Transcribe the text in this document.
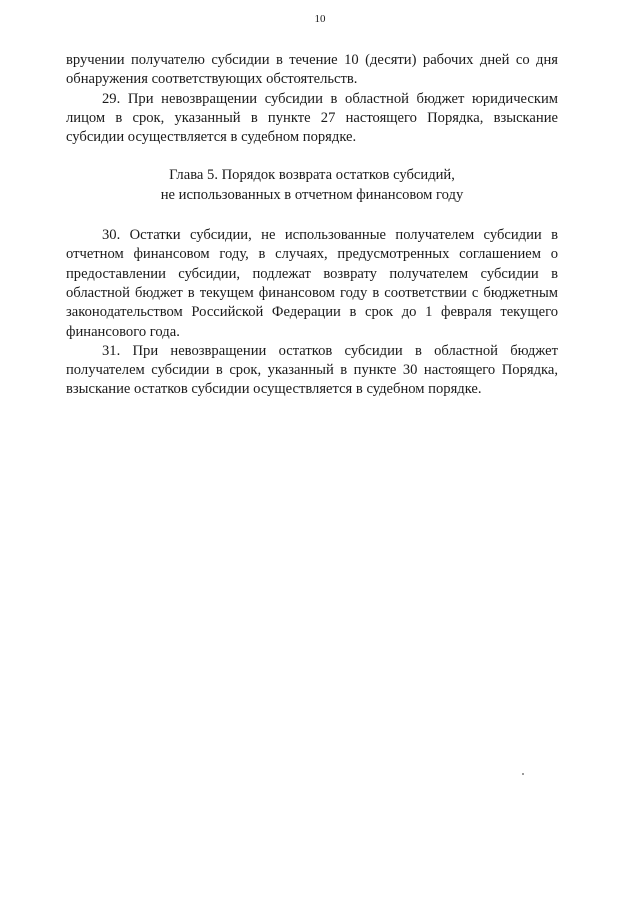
10

вручении получателю субсидии в течение 10 (десяти) рабочих дней со дня обнаружения соответствующих обстоятельств.

29. При невозвращении субсидии в областной бюджет юридическим лицом в срок, указанный в пункте 27 настоящего Порядка, взыскание субсидии осуществляется в судебном порядке.

Глава 5. Порядок возврата остатков субсидий,
не использованных в отчетном финансовом году

30. Остатки субсидии, не использованные получателем субсидии в отчетном финансовом году, в случаях, предусмотренных соглашением о предоставлении субсидии, подлежат возврату получателем субсидии в областной бюджет в текущем финансовом году в соответствии с бюджетным законодательством Российской Федерации в срок до 1 февраля текущего финансового года.

31. При невозвращении остатков субсидии в областной бюджет получателем субсидии в срок, указанный в пункте 30 настоящего Порядка, взыскание остатков субсидии осуществляется в судебном порядке.
